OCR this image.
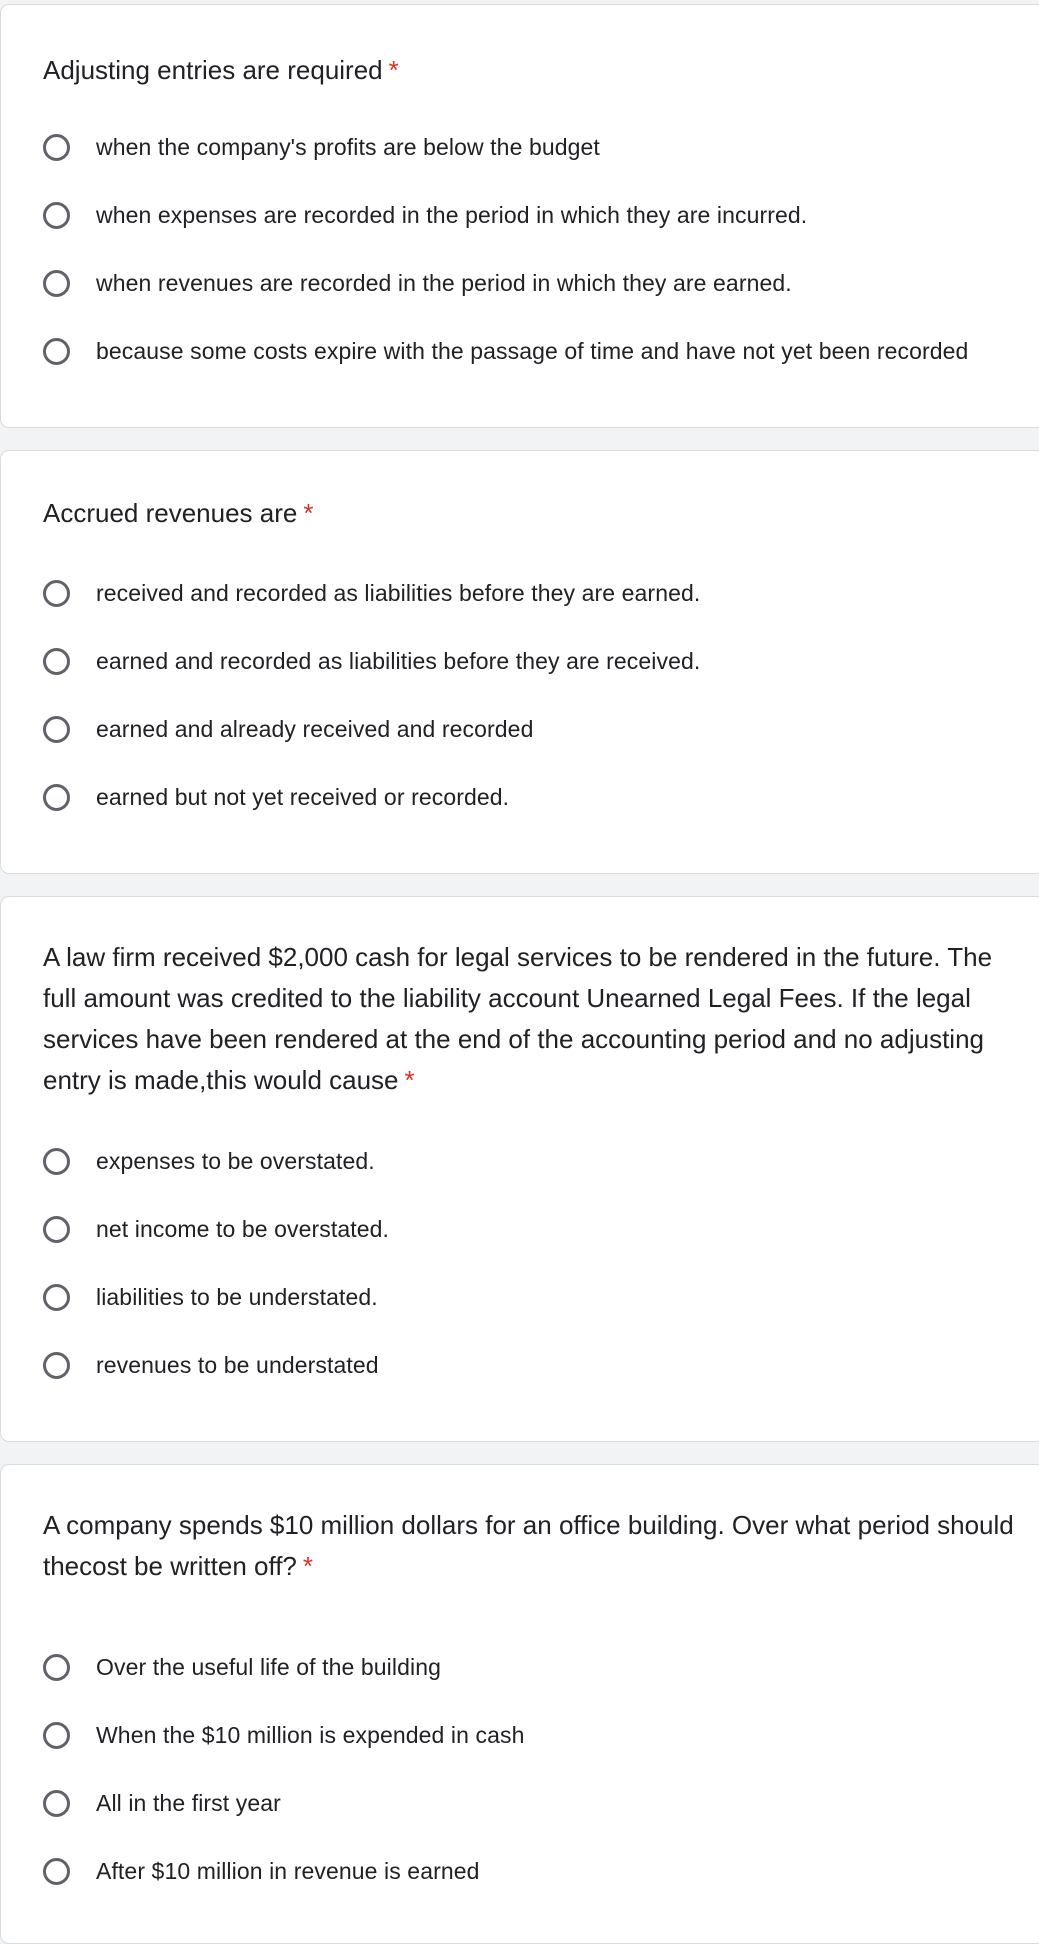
Adjusting entries are required *
when the company's profits are below the budget
when expenses are recorded in the period in which they are incurred.
when revenues are recorded in the period in which they are earned.
because some costs expire with the passage of time and have not yet been recorded
Accrued revenues are *
received and recorded as liabilities before they are earned.
earned and recorded as liabilities before they are received.
earned and already received and recorded
earned but not yet received or recorded.
A law firm received $2,000 cash for legal services to be rendered in the future. The full amount was credited to the liability account Unearned Legal Fees. If the legal services have been rendered at the end of the accounting period and no adjusting entry is made,this would cause *
expenses to be overstated.
net income to be overstated.
liabilities to be understated.
revenues to be understated
A company spends $10 million dollars for an office building. Over what period should thecost be written off? *
Over the useful life of the building
When the $10 million is expended in cash
All in the first year
After $10 million in revenue is earned
